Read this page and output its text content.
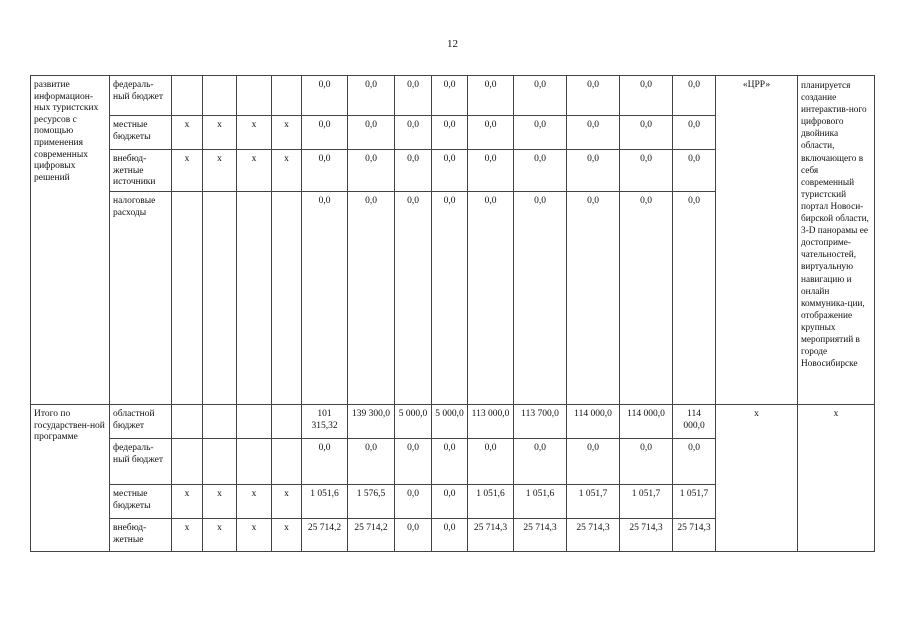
12
развитие информацион-ных туристских ресурсов с помощью применения современных цифровых решений	федераль-ный бюджет					0,0	0,0	0,0	0,0	0,0	0,0	0,0	0,0	0,0	«ЦРР»	планируется создание интерактив-ного цифрового двойника области, включающего в себя современный туристский портал Новоси-бирской области, 3-D панорамы ее достоприме-чательностей, виртуальную навигацию и онлайн коммуника-ции, отображение крупных мероприятий в городе Новосибирске
	местные бюджеты	x	x	x	x	0,0	0,0	0,0	0,0	0,0	0,0	0,0	0,0	0,0		
	внебюд-жетные источники	x	x	x	x	0,0	0,0	0,0	0,0	0,0	0,0	0,0	0,0	0,0		
	налоговые расходы					0,0	0,0	0,0	0,0	0,0	0,0	0,0	0,0	0,0		
Итого по государствен-ной программе	областной бюджет					101 315,32	139 300,0	5 000,0	5 000,0	113 000,0	113 700,0	114 000,0	114 000,0	114 000,0	x	x
	федераль-ный бюджет					0,0	0,0	0,0	0,0	0,0	0,0	0,0	0,0	0,0		
	местные бюджеты	x	x	x	x	1 051,6	1 576,5	0,0	0,0	1 051,6	1 051,6	1 051,7	1 051,7	1 051,7		
	внебюд-жетные	x	x	x	x	25 714,2	25 714,2	0,0	0,0	25 714,3	25 714,3	25 714,3	25 714,3	25 714,3		
